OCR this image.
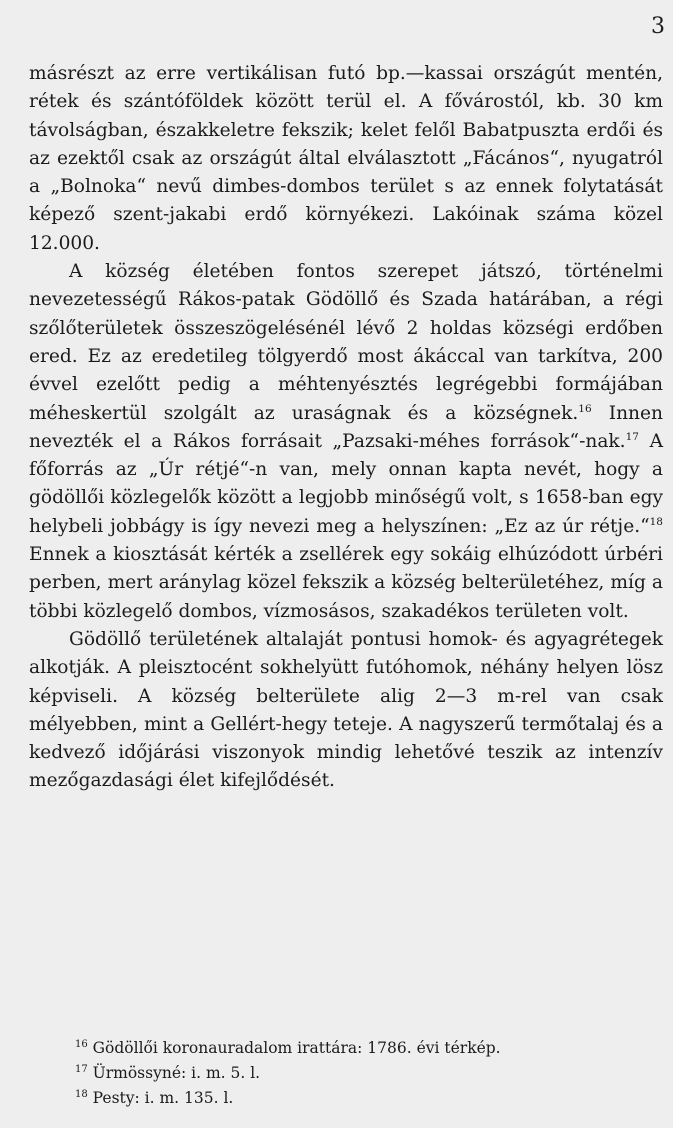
3

másrészt az erre vertikálisan futó bp.—kassai országút mentén, rétek és szántóföldek között terül el. A fővárostól, kb. 30 km távolságban, északkeletre fekszik; kelet felől Babatpuszta erdői és az ezektől csak az országút által elválasztott „Fácános“, nyugatról a „Bolnoka“ nevű dimbes-dombos terület s az ennek folytatását képező szent-jakabi erdő környékezi. Lakóinak száma közel 12.000.

A község életében fontos szerepet játszó, történelmi nevezetességű Rákos-patak Gödöllő és Szada határában, a régi szőlőterületek összeszögelésénél lévő 2 holdas községi erdőben ered. Ez az eredetileg tölgyerdő most ákáccal van tarkítva, 200 évvel ezelőtt pedig a méhtenyésztés legrégebbi formájában méheskertül szolgált az uraságnak és a községnek.$^{16}$ Innen nevezték el a Rákos forrásait „Pazsaki-méhes források“-nak.$^{17}$ A főforrás az „Úr rétjé“-n van, mely onnan kapta nevét, hogy a gödöllői közlegelők között a legjobb minőségű volt, s 1658-ban egy helybeli jobbágy is így nevezi meg a helyszínen: „Ez az úr rétje.“$^{18}$ Ennek a kiosztását kérték a zsellérek egy sokáig elhúzódott úrbéri perben, mert aránylag közel fekszik a község belterületéhez, míg a többi közlegelő dombos, vízmosásos, szakadékos területen volt.

Gödöllő területének altalaját pontusi homok- és agyagrétegek alkotják. A pleisztocént sokhelyütt futóhomok, néhány helyen lösz képviseli. A község belterülete alig 2—3 m-rel van csak mélyebben, mint a Gellért-hegy teteje. A nagyszerű termőtalaj és a kedvező időjárási viszonyok mindig lehetővé teszik az intenzív mezőgazdasági élet kifejlődését.

$^{16}$ Gödöllői koronauradalom irattára: 1786. évi térkép.

$^{17}$ Ürmössyné: i. m. 5. l.

$^{18}$ Pesty: i. m. 135. l.
